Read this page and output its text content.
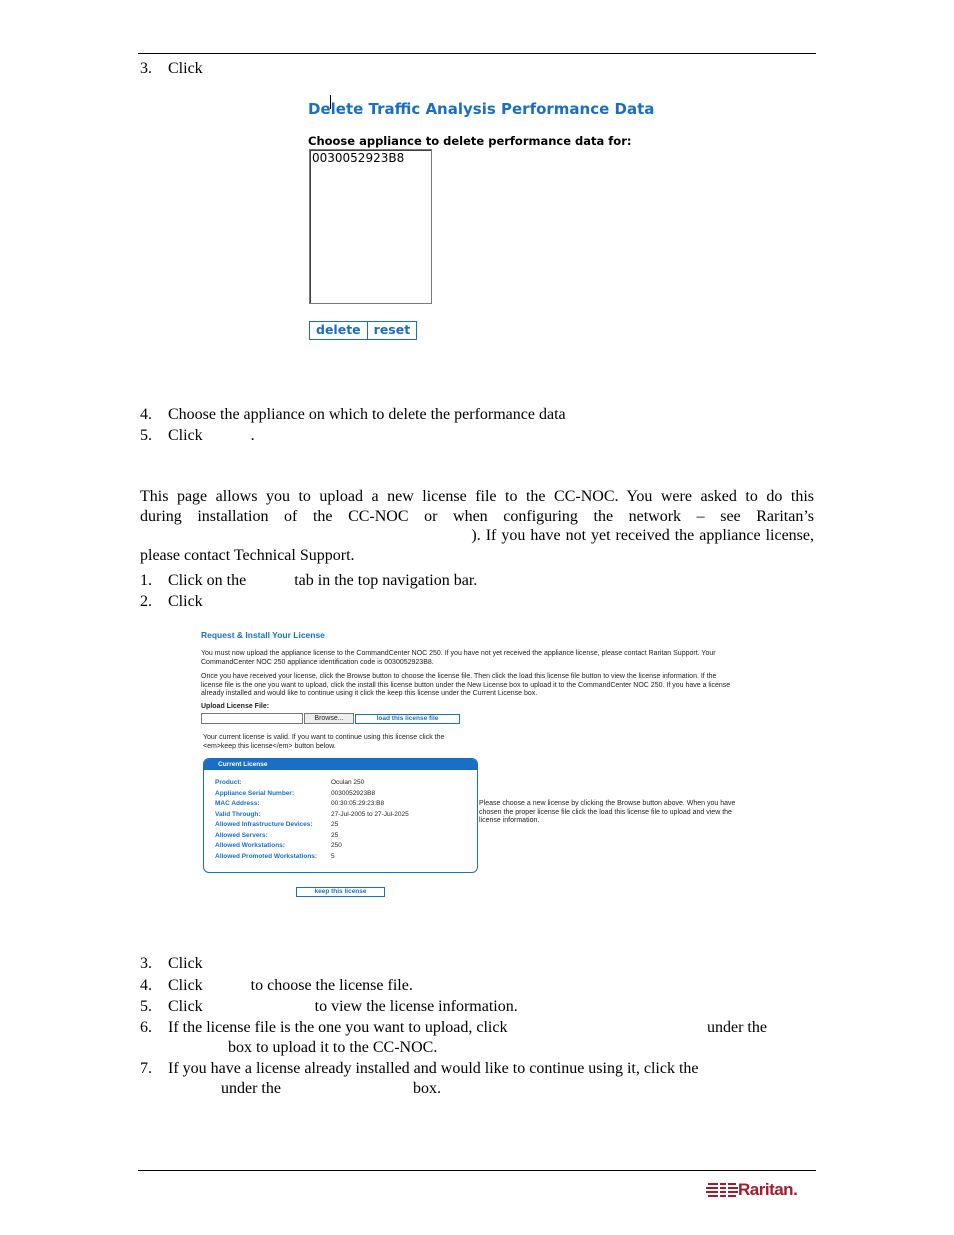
3. Click
Delete Traffic Analysis Performance Data
Choose appliance to delete performance data for:
0030052923B8
delete	reset
4. Choose the appliance on which to delete the performance data
5. Click            .
This page allows you to upload a new license file to the CC-NOC. You were asked to do this
during installation of the CC-NOC or when configuring the network – see Raritan’s
). If you have not yet received the appliance license,
please contact Technical Support.
1. Click on the            tab in the top navigation bar.
2. Click
Request & Install Your License
You must now upload the appliance license to the CommandCenter NOC 250. If you have not yet received the appliance license, please contact Raritan Support. Your
CommandCenter NOC 250 appliance identification code is 0030052923B8.
Once you have received your license, click the Browse button to choose the license file. Then click the load this license file button to view the license information. If the
license file is the one you want to upload, click the install this license button under the New License box to upload it to the CommandCenter NOC 250. If you have a license
already installed and would like to continue using it click the keep this license under the Current License box.
Upload License File:
Browse...	load this license file
Your current license is valid. If you want to continue using this license click the
<em>keep this license</em> button below.
Current License
Product:	Oculan 250
Appliance Serial Number:	0030052923B8
MAC Address:	00:30:05:29:23:B8
Valid Through:	27-Jul-2005 to 27-Jul-2025
Allowed Infrastructure Devices:	25
Allowed Servers:	25
Allowed Workstations:	250
Allowed Promoted Workstations: 5
Please choose a new license by clicking the Browse button above. When you have
chosen the proper license file click the load this license file to upload and view the
license information.
keep this license
3. Click
4. Click            to choose the license file.
5. Click                            to view the license information.
6. If the license file is the one you want to upload, click	under the
box to upload it to the CC-NOC.
7. If you have a license already installed and would like to continue using it, click the
under the	box.
Raritan.
